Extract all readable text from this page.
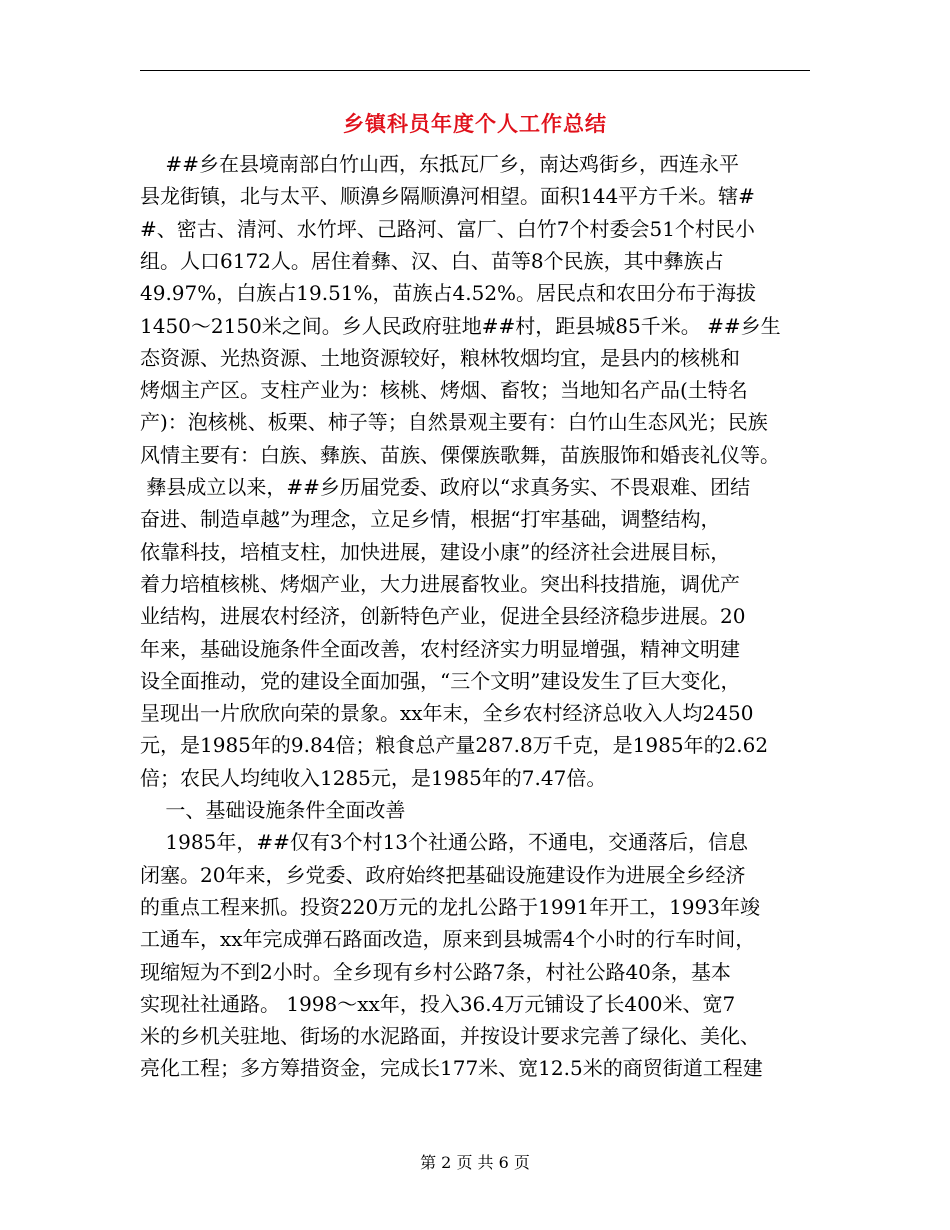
乡镇科员年度个人工作总结
##乡在县境南部白竹山西，东抵瓦厂乡，南达鸡街乡，西连永平
县龙街镇，北与太平、顺濞乡隔顺濞河相望。面积144平方千米。辖#
#、密古、清河、水竹坪、己路河、富厂、白竹7个村委会51个村民小
组。人口6172人。居住着彝、汉、白、苗等8个民族，其中彝族占
49.97%，白族占19.51%，苗族占4.52%。居民点和农田分布于海拔
1450～2150米之间。乡人民政府驻地##村，距县城85千米。 ##乡生
态资源、光热资源、土地资源较好，粮林牧烟均宜，是县内的核桃和
烤烟主产区。支柱产业为：核桃、烤烟、畜牧；当地知名产品(土特名
产)：泡核桃、板栗、柿子等；自然景观主要有：白竹山生态风光；民族
风情主要有：白族、彝族、苗族、傈僳族歌舞，苗族服饰和婚丧礼仪等。
彝县成立以来，##乡历届党委、政府以“求真务实、不畏艰难、团结
奋进、制造卓越”为理念，立足乡情，根据“打牢基础，调整结构，
依靠科技，培植支柱，加快进展，建设小康”的经济社会进展目标，
着力培植核桃、烤烟产业，大力进展畜牧业。突出科技措施，调优产
业结构，进展农村经济，创新特色产业，促进全县经济稳步进展。20
年来，基础设施条件全面改善，农村经济实力明显增强，精神文明建
设全面推动，党的建设全面加强，“三个文明”建设发生了巨大变化，
呈现出一片欣欣向荣的景象。xx年末，全乡农村经济总收入人均2450
元，是1985年的9.84倍；粮食总产量287.8万千克，是1985年的2.62
倍；农民人均纯收入1285元，是1985年的7.47倍。
一、基础设施条件全面改善
1985年，##仅有3个村13个社通公路，不通电，交通落后，信息
闭塞。20年来，乡党委、政府始终把基础设施建设作为进展全乡经济
的重点工程来抓。投资220万元的龙扎公路于1991年开工，1993年竣
工通车，xx年完成弹石路面改造，原来到县城需4个小时的行车时间，
现缩短为不到2小时。全乡现有乡村公路7条，村社公路40条，基本
实现社社通路。 1998～xx年，投入36.4万元铺设了长400米、宽7
米的乡机关驻地、街场的水泥路面，并按设计要求完善了绿化、美化、
亮化工程；多方筹措资金，完成长177米、宽12.5米的商贸街道工程建
第 2 页 共 6 页
